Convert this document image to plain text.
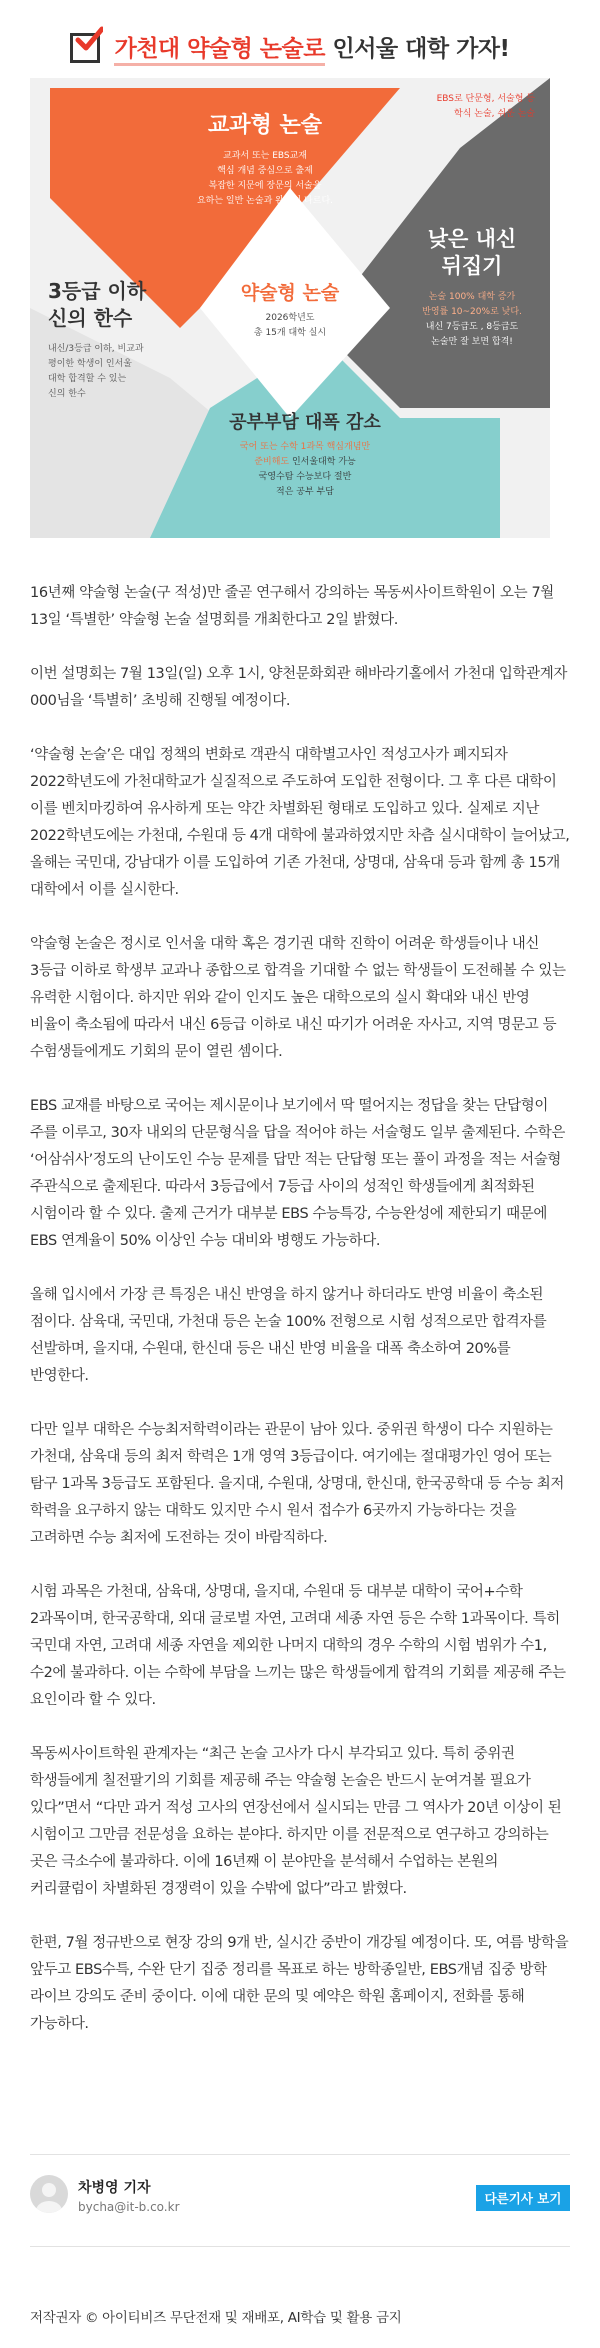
가천대 약술형 논술로 인서울 대학 가자!
EBS로 단문형, 서술형 등
학식 논술, 쉬운 논술
교과형 논술
교과서 또는 EBS교재
핵심 개념 중심으로 출제
복잡한 지문에 장문의 서술을
요하는 일반 논술과 완전히 다르다.
낮은 내신
뒤집기
논술 100% 대학 증가
반영률 10~20%로 낮다.
내신 7등급도 , 8등급도
논술만 잘 보면 합격!
3등급 이하
신의 한수
내신/3등급 이하, 비교과
평이한 학생이 인서울
대학 합격할 수 있는
신의 한수
약술형 논술
2026학년도
총 15개 대학 실시
공부부담 대폭 감소
국어 또는 수학 1과목 핵심개념만
준비해도 인서울대학 가능
국영수탐 수능보다 절반
적은 공부 부담

16년째 약술형 논술(구 적성)만 줄곧 연구해서 강의하는 목동씨사이트학원이 오는 7월 13일 ‘특별한’ 약술형 논술 설명회를 개최한다고 2일 밝혔다.

이번 설명회는 7월 13일(일) 오후 1시, 양천문화회관 해바라기홀에서 가천대 입학관계자 000님을 ‘특별히’ 초빙해 진행될 예정이다.

‘약술형 논술’은 대입 정책의 변화로 객관식 대학별고사인 적성고사가 폐지되자 2022학년도에 가천대학교가 실질적으로 주도하여 도입한 전형이다. 그 후 다른 대학이 이를 벤치마킹하여 유사하게 또는 약간 차별화된 형태로 도입하고 있다. 실제로 지난 2022학년도에는 가천대, 수원대 등 4개 대학에 불과하였지만 차츰 실시대학이 늘어났고, 올해는 국민대, 강남대가 이를 도입하여 기존 가천대, 상명대, 삼육대 등과 함께 총 15개 대학에서 이를 실시한다.

약술형 논술은 정시로 인서울 대학 혹은 경기권 대학 진학이 어려운 학생들이나 내신 3등급 이하로 학생부 교과나 종합으로 합격을 기대할 수 없는 학생들이 도전해볼 수 있는 유력한 시험이다. 하지만 위와 같이 인지도 높은 대학으로의 실시 확대와 내신 반영 비율이 축소됨에 따라서 내신 6등급 이하로 내신 따기가 어려운 자사고, 지역 명문고 등 수험생들에게도 기회의 문이 열린 셈이다.

EBS 교재를 바탕으로 국어는 제시문이나 보기에서 딱 떨어지는 정답을 찾는 단답형이 주를 이루고, 30자 내외의 단문형식을 답을 적어야 하는 서술형도 일부 출제된다. 수학은 ‘어삼쉬사’정도의 난이도인 수능 문제를 답만 적는 단답형 또는 풀이 과정을 적는 서술형 주관식으로 출제된다. 따라서 3등급에서 7등급 사이의 성적인 학생들에게 최적화된 시험이라 할 수 있다. 출제 근거가 대부분 EBS 수능특강, 수능완성에 제한되기 때문에 EBS 연계율이 50% 이상인 수능 대비와 병행도 가능하다.

올해 입시에서 가장 큰 특징은 내신 반영을 하지 않거나 하더라도 반영 비율이 축소된 점이다. 삼육대, 국민대, 가천대 등은 논술 100% 전형으로 시험 성적으로만 합격자를 선발하며, 을지대, 수원대, 한신대 등은 내신 반영 비율을 대폭 축소하여 20%를 반영한다.

다만 일부 대학은 수능최저학력이라는 관문이 남아 있다. 중위권 학생이 다수 지원하는 가천대, 삼육대 등의 최저 학력은 1개 영역 3등급이다. 여기에는 절대평가인 영어 또는 탐구 1과목 3등급도 포함된다. 을지대, 수원대, 상명대, 한신대, 한국공학대 등 수능 최저 학력을 요구하지 않는 대학도 있지만 수시 원서 접수가 6곳까지 가능하다는 것을 고려하면 수능 최저에 도전하는 것이 바람직하다.

시험 과목은 가천대, 삼육대, 상명대, 을지대, 수원대 등 대부분 대학이 국어+수학 2과목이며, 한국공학대, 외대 글로벌 자연, 고려대 세종 자연 등은 수학 1과목이다. 특히 국민대 자연, 고려대 세종 자연을 제외한 나머지 대학의 경우 수학의 시험 범위가 수1, 수2에 불과하다. 이는 수학에 부담을 느끼는 많은 학생들에게 합격의 기회를 제공해 주는 요인이라 할 수 있다.

목동씨사이트학원 관계자는 “최근 논술 고사가 다시 부각되고 있다. 특히 중위권 학생들에게 칠전팔기의 기회를 제공해 주는 약술형 논술은 반드시 눈여겨볼 필요가 있다”면서 “다만 과거 적성 고사의 연장선에서 실시되는 만큼 그 역사가 20년 이상이 된 시험이고 그만큼 전문성을 요하는 분야다. 하지만 이를 전문적으로 연구하고 강의하는 곳은 극소수에 불과하다. 이에 16년째 이 분야만을 분석해서 수업하는 본원의 커리큘럼이 차별화된 경쟁력이 있을 수밖에 없다”라고 밝혔다.

한편, 7월 정규반으로 현장 강의 9개 반, 실시간 중반이 개강될 예정이다. 또, 여름 방학을 앞두고 EBS수특, 수완 단기 집중 정리를 목표로 하는 방학종일반, EBS개념 집중 방학 라이브 강의도 준비 중이다. 이에 대한 문의 및 예약은 학원 홈페이지, 전화를 통해 가능하다.

차병영 기자
bycha@it-b.co.kr
다른기사 보기
저작권자 © 아이티비즈 무단전재 및 재배포, AI학습 및 활용 금지
